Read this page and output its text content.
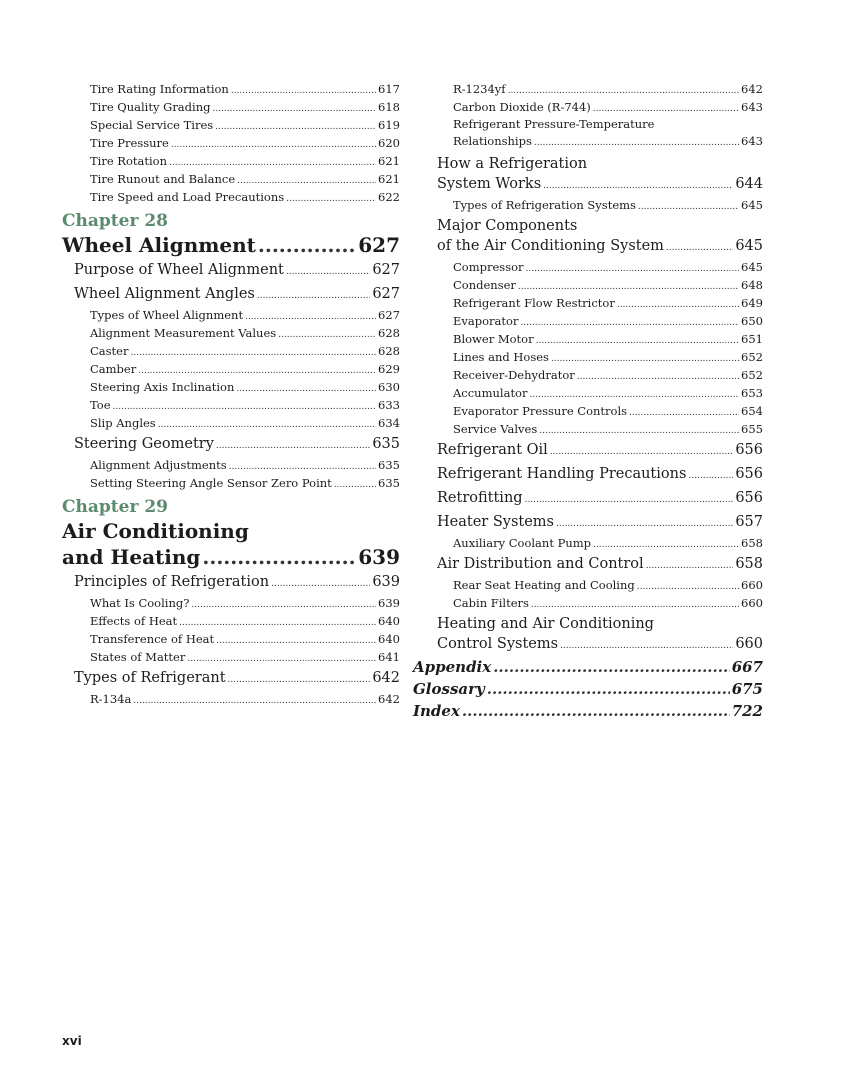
Tire Rating Information .....	617
Tire Quality Grading .....	618
Special Service Tires .....	619
Tire Pressure .....	620
Tire Rotation .....	621
Tire Runout and Balance .....	621
Tire Speed and Load Precautions .....	622
Chapter 28
Wheel Alignment .....	627
Purpose of Wheel Alignment .....	627
Wheel Alignment Angles .....	627
Types of Wheel Alignment .....	627
Alignment Measurement Values .....	628
Caster .....	628
Camber .....	629
Steering Axis Inclination .....	630
Toe .....	633
Slip Angles .....	634
Steering Geometry .....	635
Alignment Adjustments .....	635
Setting Steering Angle Sensor Zero Point .....	635
Chapter 29
Air Conditioning
and Heating .....	639
Principles of Refrigeration .....	639
What Is Cooling? .....	639
Effects of Heat .....	640
Transference of Heat .....	640
States of Matter .....	641
Types of Refrigerant .....	642
R-134a .....	642
R-1234yf .....	642
Carbon Dioxide (R-744) .....	643
Refrigerant Pressure-Temperature
Relationships .....	643
How a Refrigeration
System Works .....	644
Types of Refrigeration Systems .....	645
Major Components
of the Air Conditioning System .....	645
Compressor .....	645
Condenser .....	648
Refrigerant Flow Restrictor .....	649
Evaporator .....	650
Blower Motor .....	651
Lines and Hoses .....	652
Receiver-Dehydrator .....	652
Accumulator .....	653
Evaporator Pressure Controls .....	654
Service Valves .....	655
Refrigerant Oil .....	656
Refrigerant Handling Precautions .....	656
Retrofitting .....	656
Heater Systems .....	657
Auxiliary Coolant Pump .....	658
Air Distribution and Control .....	658
Rear Seat Heating and Cooling .....	660
Cabin Filters .....	660
Heating and Air Conditioning
Control Systems .....	660
Appendix .....	667
Glossary .....	675
Index .....	722
xvi
